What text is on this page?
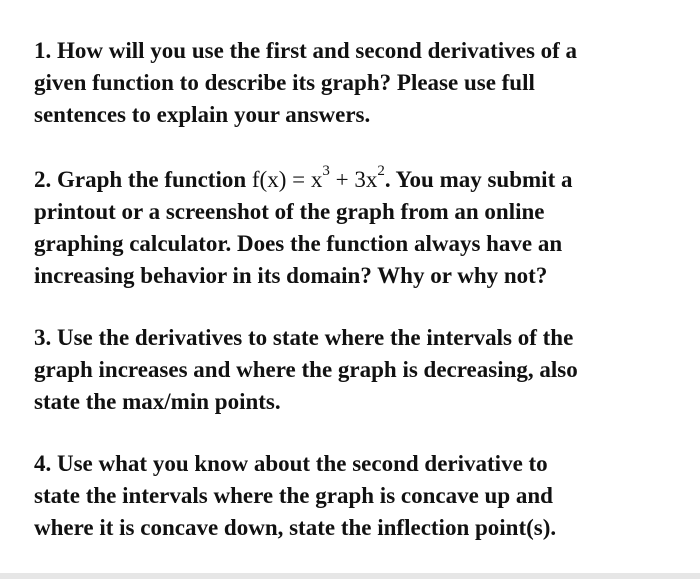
1. How will you use the first and second derivatives of a
given function to describe its graph? Please use full
sentences to explain your answers.

2. Graph the function $f(x) = x^3 + 3x^2$. You may submit a
printout or a screenshot of the graph from an online
graphing calculator. Does the function always have an
increasing behavior in its domain? Why or why not?

3. Use the derivatives to state where the intervals of the
graph increases and where the graph is decreasing, also
state the max/min points.

4. Use what you know about the second derivative to
state the intervals where the graph is concave up and
where it is concave down, state the inflection point(s).
